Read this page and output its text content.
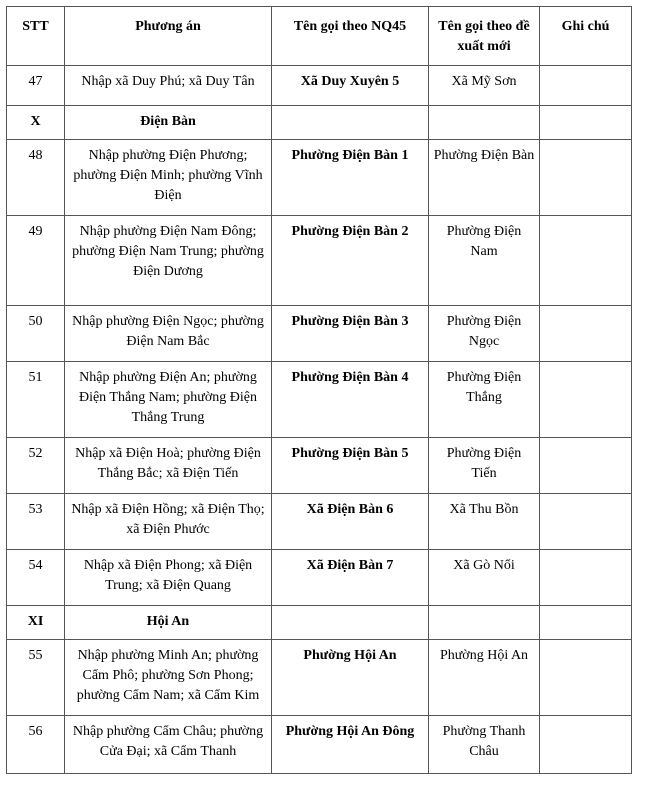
STT	Phương án	Tên gọi theo NQ45	Tên gọi theo đề xuất mới	Ghi chú
47	Nhập xã Duy Phú; xã Duy Tân	Xã Duy Xuyên 5	Xã Mỹ Sơn	
X	Điện Bàn			
48	Nhập phường Điện Phương; phường Điện Minh; phường Vĩnh Điện	Phường Điện Bàn 1	Phường Điện Bàn	
49	Nhập phường Điện Nam Đông; phường Điện Nam Trung; phường Điện Dương	Phường Điện Bàn 2	Phường Điện Nam	
50	Nhập phường Điện Ngọc; phường Điện Nam Bắc	Phường Điện Bàn 3	Phường Điện Ngọc	
51	Nhập phường Điện An; phường Điện Thắng Nam; phường Điện Thắng Trung	Phường Điện Bàn 4	Phường Điện Thắng	
52	Nhập xã Điện Hoà; phường Điện Thắng Bắc; xã Điện Tiến	Phường Điện Bàn 5	Phường Điện Tiến	
53	Nhập xã Điện Hồng; xã Điện Thọ; xã Điện Phước	Xã Điện Bàn 6	Xã Thu Bồn	
54	Nhập xã Điện Phong; xã Điện Trung; xã Điện Quang	Xã Điện Bàn 7	Xã Gò Nổi	
XI	Hội An			
55	Nhập phường Minh An; phường Cẩm Phô; phường Sơn Phong; phường Cẩm Nam; xã Cẩm Kim	Phường Hội An	Phường Hội An	
56	Nhập phường Cẩm Châu; phường Cửa Đại; xã Cẩm Thanh	Phường Hội An Đông	Phường Thanh Châu	
